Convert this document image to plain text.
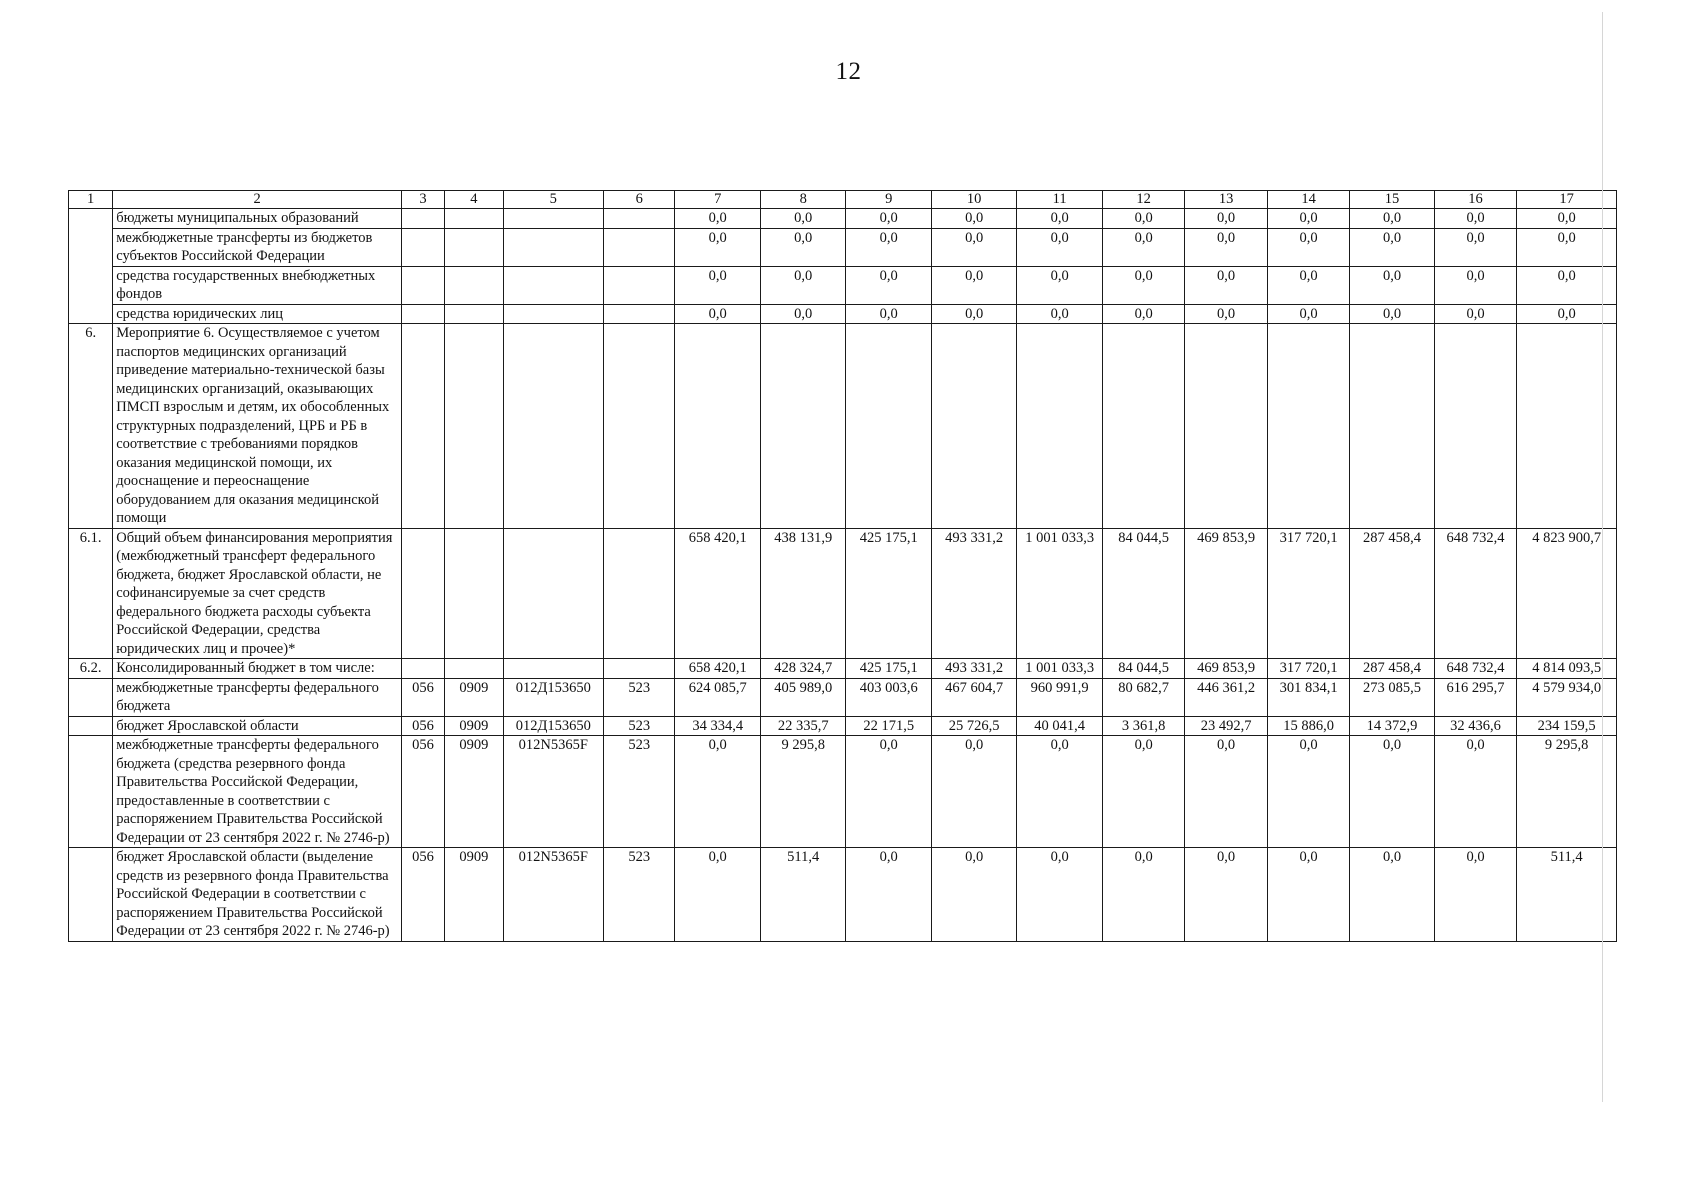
12
1	2	3	4	5	6	7	8	9	10	11	12	13	14	15	16	17
	бюджеты муниципальных образований					0,0	0,0	0,0	0,0	0,0	0,0	0,0	0,0	0,0	0,0	0,0
	межбюджетные трансферты из бюджетов субъектов Российской Федерации					0,0	0,0	0,0	0,0	0,0	0,0	0,0	0,0	0,0	0,0	0,0
	средства государственных внебюджетных фондов					0,0	0,0	0,0	0,0	0,0	0,0	0,0	0,0	0,0	0,0	0,0
	средства юридических лиц					0,0	0,0	0,0	0,0	0,0	0,0	0,0	0,0	0,0	0,0	0,0
6.	Мероприятие 6. Осуществляемое с учетом паспортов медицинских организаций приведение материально-технической базы медицинских организаций, оказывающих ПМСП взрослым и детям, их обособленных структурных подразделений, ЦРБ и РБ в соответствие с требованиями порядков оказания медицинской помощи, их дооснащение и переоснащение оборудованием для оказания медицинской помощи															
6.1.	Общий объем финансирования мероприятия (межбюджетный трансферт федерального бюджета, бюджет Ярославской области, не софинансируемые за счет средств федерального бюджета расходы субъекта Российской Федерации, средства юридических лиц и прочее)*					658 420,1	438 131,9	425 175,1	493 331,2	1 001 033,3	84 044,5	469 853,9	317 720,1	287 458,4	648 732,4	4 823 900,7
6.2.	Консолидированный бюджет в том числе:					658 420,1	428 324,7	425 175,1	493 331,2	1 001 033,3	84 044,5	469 853,9	317 720,1	287 458,4	648 732,4	4 814 093,5
	межбюджетные трансферты федерального бюджета	056	0909	012Д153650	523	624 085,7	405 989,0	403 003,6	467 604,7	960 991,9	80 682,7	446 361,2	301 834,1	273 085,5	616 295,7	4 579 934,0
	бюджет Ярославской области	056	0909	012Д153650	523	34 334,4	22 335,7	22 171,5	25 726,5	40 041,4	3 361,8	23 492,7	15 886,0	14 372,9	32 436,6	234 159,5
	межбюджетные трансферты федерального бюджета (средства резервного фонда Правительства Российской Федерации, предоставленные в соответствии с распоряжением Правительства Российской Федерации от 23 сентября 2022 г. № 2746-р)	056	0909	012N5365F	523	0,0	9 295,8	0,0	0,0	0,0	0,0	0,0	0,0	0,0	0,0	9 295,8
	бюджет Ярославской области (выделение средств из резервного фонда Правительства Российской Федерации в соответствии с распоряжением Правительства Российской Федерации от 23 сентября 2022 г. № 2746-р)	056	0909	012N5365F	523	0,0	511,4	0,0	0,0	0,0	0,0	0,0	0,0	0,0	0,0	511,4
